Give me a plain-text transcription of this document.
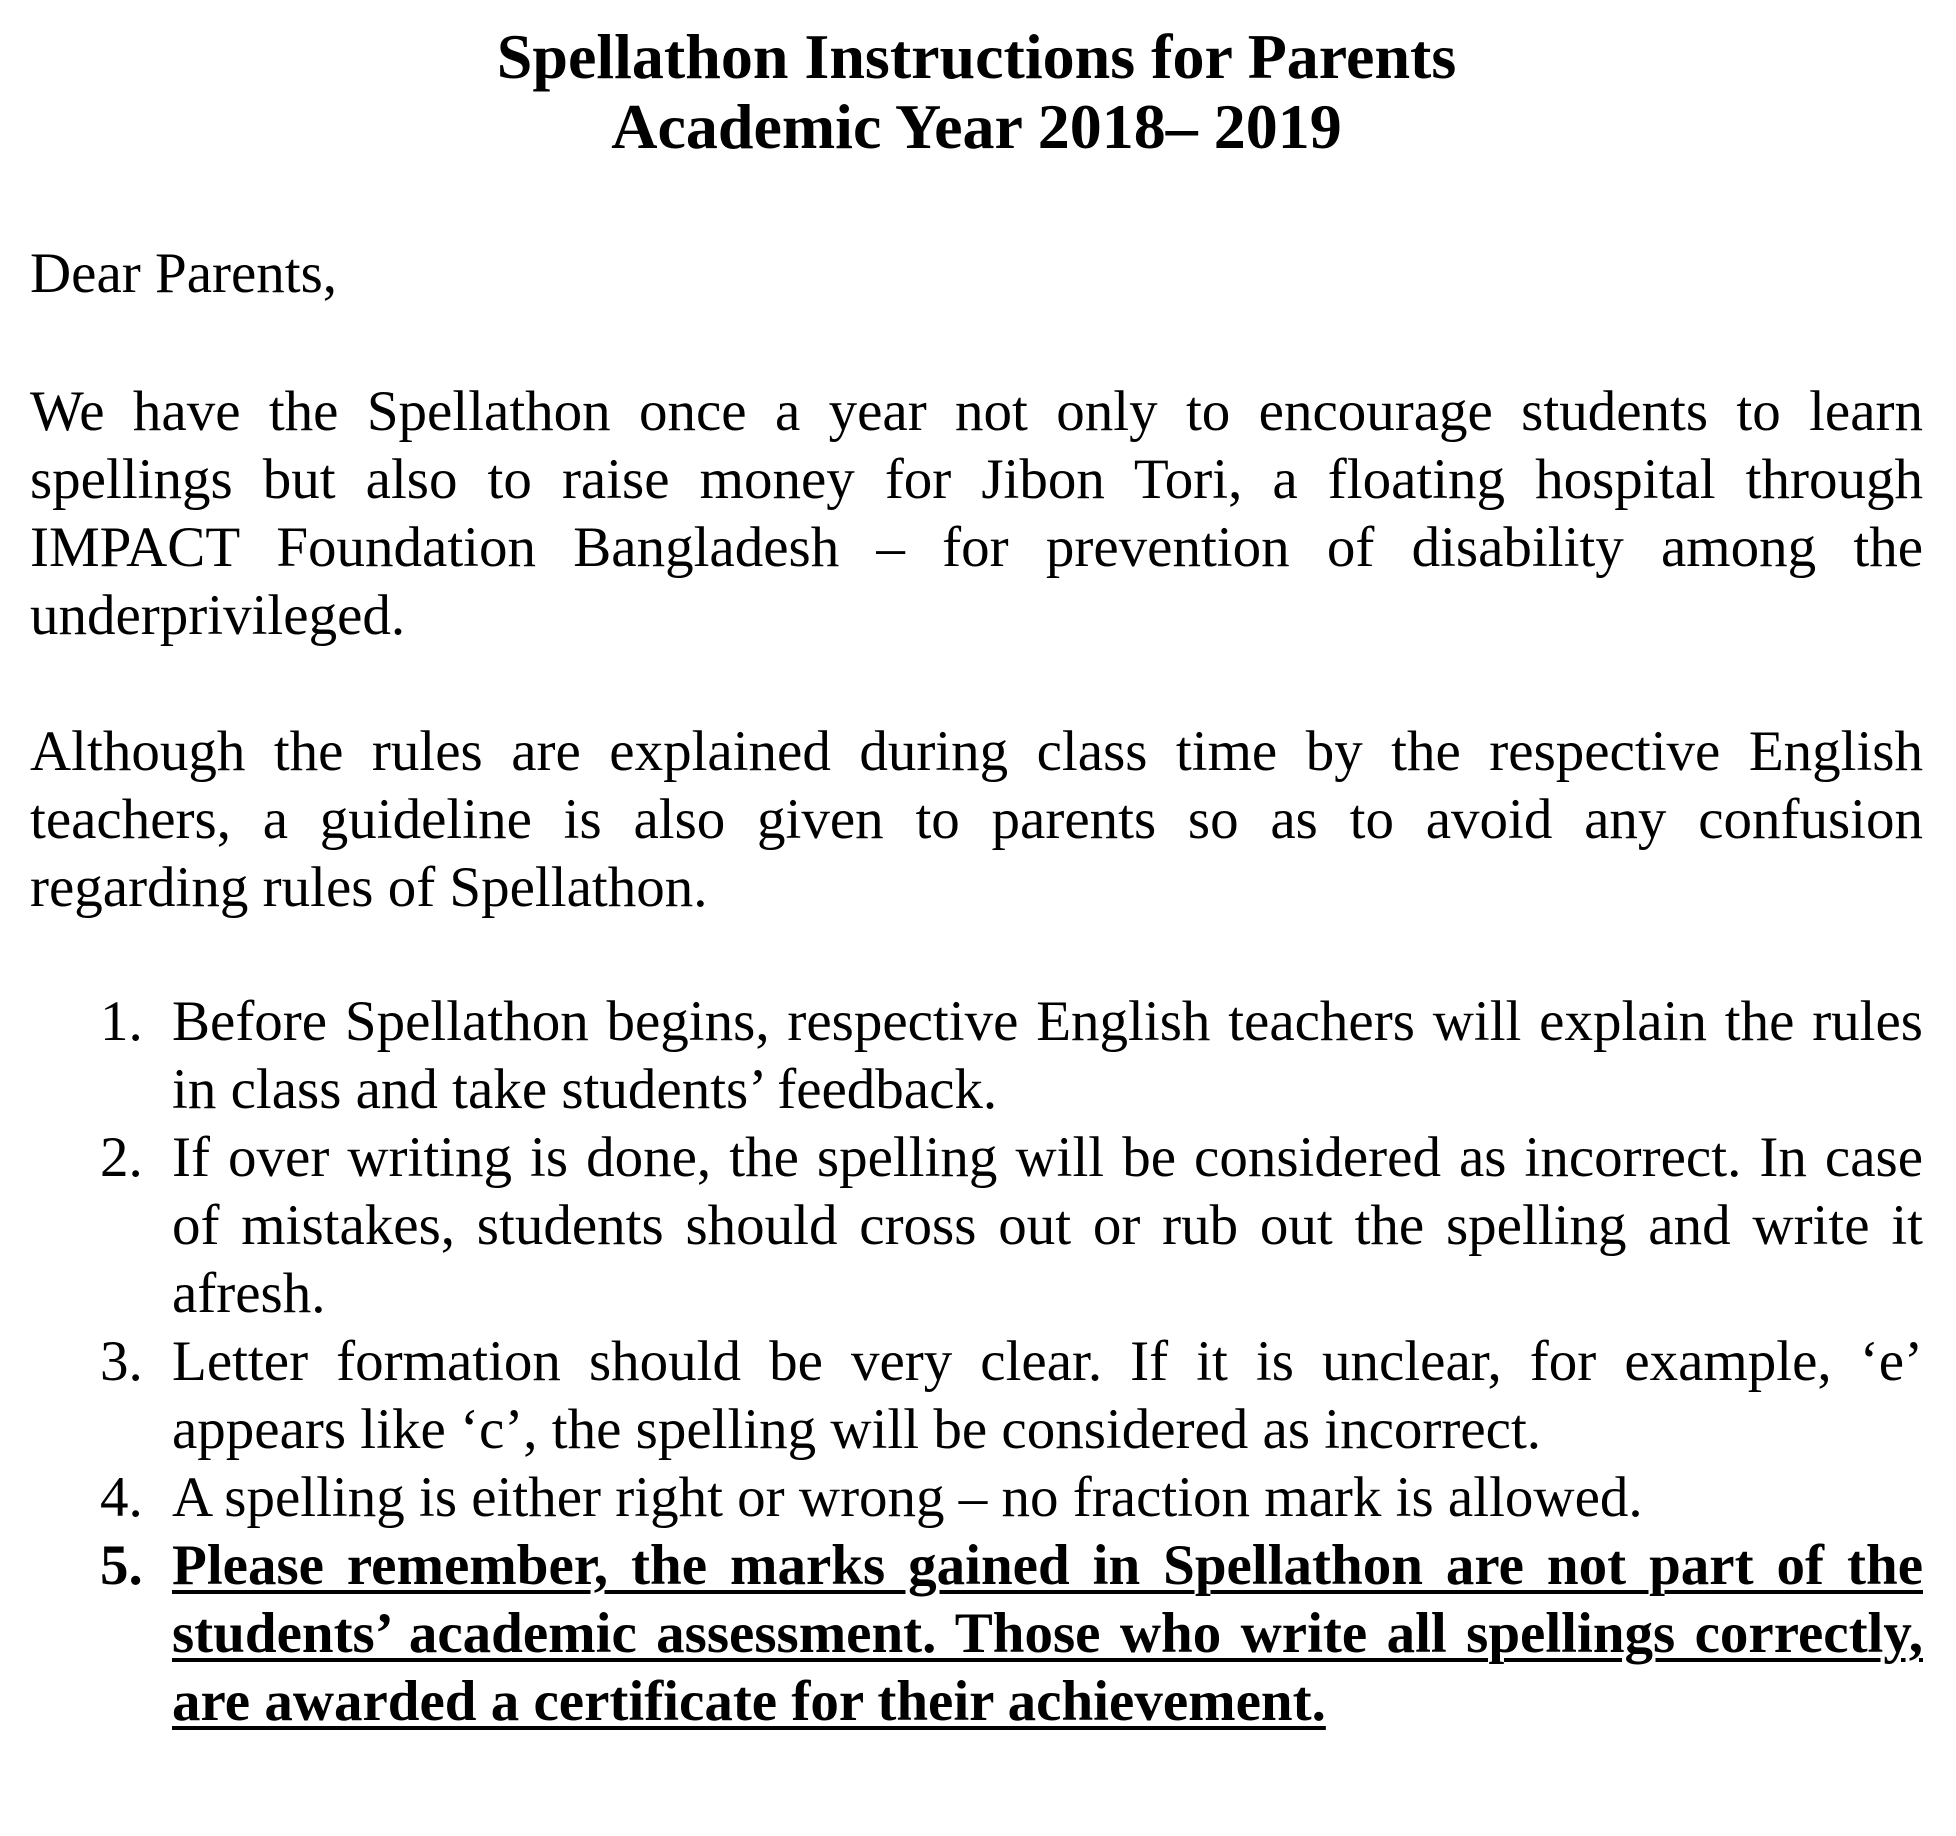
Spellathon Instructions for Parents
Academic Year 2018– 2019

Dear Parents,

We have the Spellathon once a year not only to encourage students to learn spellings but also to raise money for Jibon Tori, a floating hospital through IMPACT Foundation Bangladesh – for prevention of disability among the underprivileged.

Although the rules are explained during class time by the respective English teachers, a guideline is also given to parents so as to avoid any confusion regarding rules of Spellathon.

1. Before Spellathon begins, respective English teachers will explain the rules in class and take students’ feedback.
2. If over writing is done, the spelling will be considered as incorrect. In case of mistakes, students should cross out or rub out the spelling and write it afresh.
3. Letter formation should be very clear. If it is unclear, for example, ‘e’ appears like ‘c’, the spelling will be considered as incorrect.
4. A spelling is either right or wrong – no fraction mark is allowed.
5. Please remember, the marks gained in Spellathon are not part of the students’ academic assessment. Those who write all spellings correctly, are awarded a certificate for their achievement.
